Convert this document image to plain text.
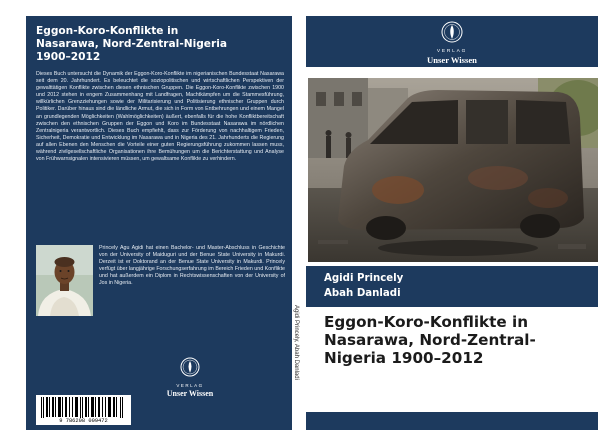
Eggon-Koro-Konflikte in
Nasarawa, Nord-Zentral-Nigeria
1900–2012

Dieses Buch untersucht die Dynamik der Eggon-Koro-Konflikte im nigerianischen Bundesstaat Nasarawa seit dem 20. Jahrhundert. Es beleuchtet die soziopolitischen und wirtschaftlichen Perspektiven der gewalttätigen Konflikte zwischen diesen ethnischen Gruppen. Die Eggon-Koro-Konflikte zwischen 1900 und 2012 stehen in engem Zusammenhang mit Landfragen, Machtkämpfen um die Stammesführung, willkürlichen Grenzziehungen sowie der Militarisierung und Politisierung ethnischer Gruppen durch Politiker. Darüber hinaus sind die ländliche Armut, die sich in Form von Entbehrungen und einem Mangel an grundlegenden Möglichkeiten (Wahlmöglichkeiten) äußert, ebenfalls für die hohe Konfliktbereitschaft zwischen den ethnischen Gruppen der Eggon und Koro im Bundesstaat Nasarawa im nördlichen Zentralnigeria verantwortlich. Dieses Buch empfiehlt, dass zur Förderung von nachhaltigem Frieden, Sicherheit, Demokratie und Entwicklung im Nasarawa und in Nigeria des 21. Jahrhunderts die Regierung auf allen Ebenen den Menschen die Vorteile einer guten Regierungsführung zukommen lassen muss, während zivilgesellschaftliche Organisationen ihre Bemühungen um die Berichterstattung und Analyse von Frühwarnsignalen intensivieren müssen, um gewaltsame Konflikte zu verhindern.

Princely Agu Agidi hat einen Bachelor- und Master-Abschluss in Geschichte von der University of Maiduguri und der Benue State University in Makurdi. Derzeit ist er Doktorand an der Benue State University in Makurdi. Princely verfügt über langjährige Forschungserfahrung im Bereich Frieden und Konflikte und hat außerdem ein Diplom in Rechtswissenschaften von der University of Jos in Nigeria.

VERLAG
Unser Wissen
9 786208 009472
Agidi Princely, Abah Danladi
VERLAG
Unser Wissen
Agidi Princely
Abah Danladi
Eggon-Koro-Konflikte in
Nasarawa, Nord-Zentral-
Nigeria 1900–2012
